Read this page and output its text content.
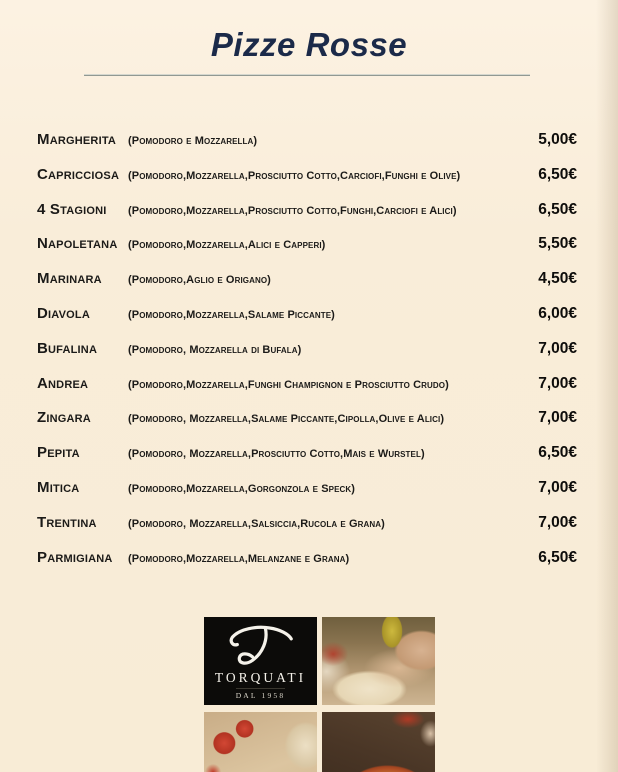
Pizze Rosse
Margherita	(Pomodoro e Mozzarella)	5,00€
Capricciosa (Pomodoro,Mozzarella,Prosciutto Cotto,Carciofi,Funghi e Olive)	6,50€
4 Stagioni	(Pomodoro,Mozzarella,Prosciutto Cotto,Funghi,Carciofi e Alici)	6,50€
Napoletana (Pomodoro,Mozzarella,Alici e Capperi)	5,50€
Marinara	(Pomodoro,Aglio e Origano)	4,50€
Diavola	(Pomodoro,Mozzarella,Salame Piccante)	6,00€
Bufalina	(Pomodoro, Mozzarella di Bufala)	7,00€
Andrea	(Pomodoro,Mozzarella,Funghi Champignon e Prosciutto Crudo)	7,00€
Zingara	(Pomodoro, Mozzarella,Salame Piccante,Cipolla,Olive e Alici)	7,00€
Pepita	(Pomodoro, Mozzarella,Prosciutto Cotto,Mais e Wurstel)	6,50€
Mitica	(Pomodoro,Mozzarella,Gorgonzola e Speck)	7,00€
Trentina	(Pomodoro, Mozzarella,Salsiccia,Rucola e Grana)	7,00€
Parmigiana	(Pomodoro,Mozzarella,Melanzane e Grana)	6,50€
TORQUATI
DAL 1958
